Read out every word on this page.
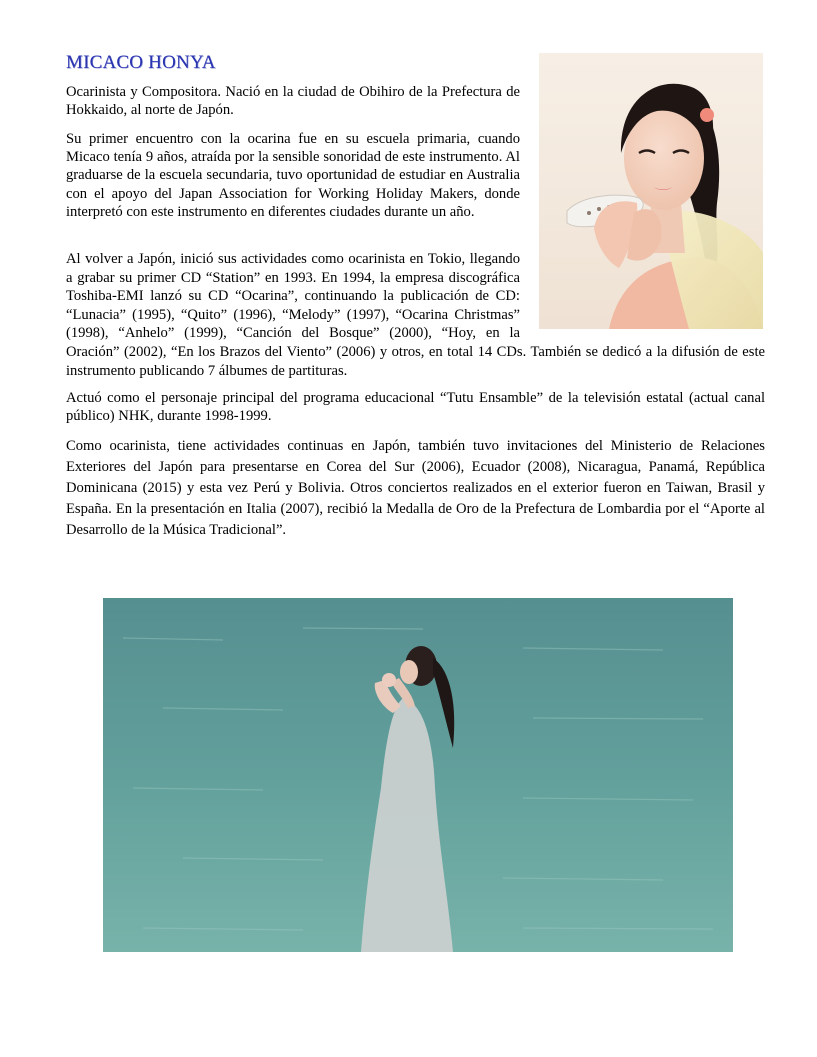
MICACO HONYA

Ocarinista y Compositora. Nació en la ciudad de Obihiro de la Prefectura de Hokkaido, al norte de Japón.

Su primer encuentro con la ocarina fue en su escuela primaria, cuando Micaco tenía 9 años, atraída por la sensible sonoridad de este instrumento. Al graduarse de la escuela secundaria, tuvo oportunidad de estudiar en Australia con el apoyo del Japan Association for Working Holiday Makers, donde interpretó con este instrumento en diferentes ciudades durante un año.

Al volver a Japón, inició sus actividades como ocarinista en Tokio, llegando a grabar su primer CD “Station” en 1993. En 1994, la empresa discográfica Toshiba-EMI lanzó su CD “Ocarina”, continuando la publicación de CD: “Lunacia” (1995), “Quito” (1996), “Melody” (1997), “Ocarina Christmas” (1998), “Anhelo” (1999), “Canción del Bosque” (2000), “Hoy, en la Oración” (2002), “En los Brazos del Viento” (2006) y otros, en total 14 CDs. También se dedicó a la difusión de este instrumento publicando 7 álbumes de partituras.

Actuó como el personaje principal del programa educacional “Tutu Ensamble” de la televisión estatal (actual canal público) NHK, durante 1998-1999.

Como ocarinista, tiene actividades continuas en Japón, también tuvo invitaciones del Ministerio de Relaciones Exteriores del Japón para presentarse en Corea del Sur (2006), Ecuador (2008), Nicaragua, Panamá, República Dominicana (2015) y esta vez Perú y Bolivia. Otros conciertos realizados en el exterior fueron en Taiwan, Brasil y España. En la presentación en Italia (2007), recibió la Medalla de Oro de la Prefectura de Lombardia por el “Aporte al Desarrollo de la Música Tradicional”.
